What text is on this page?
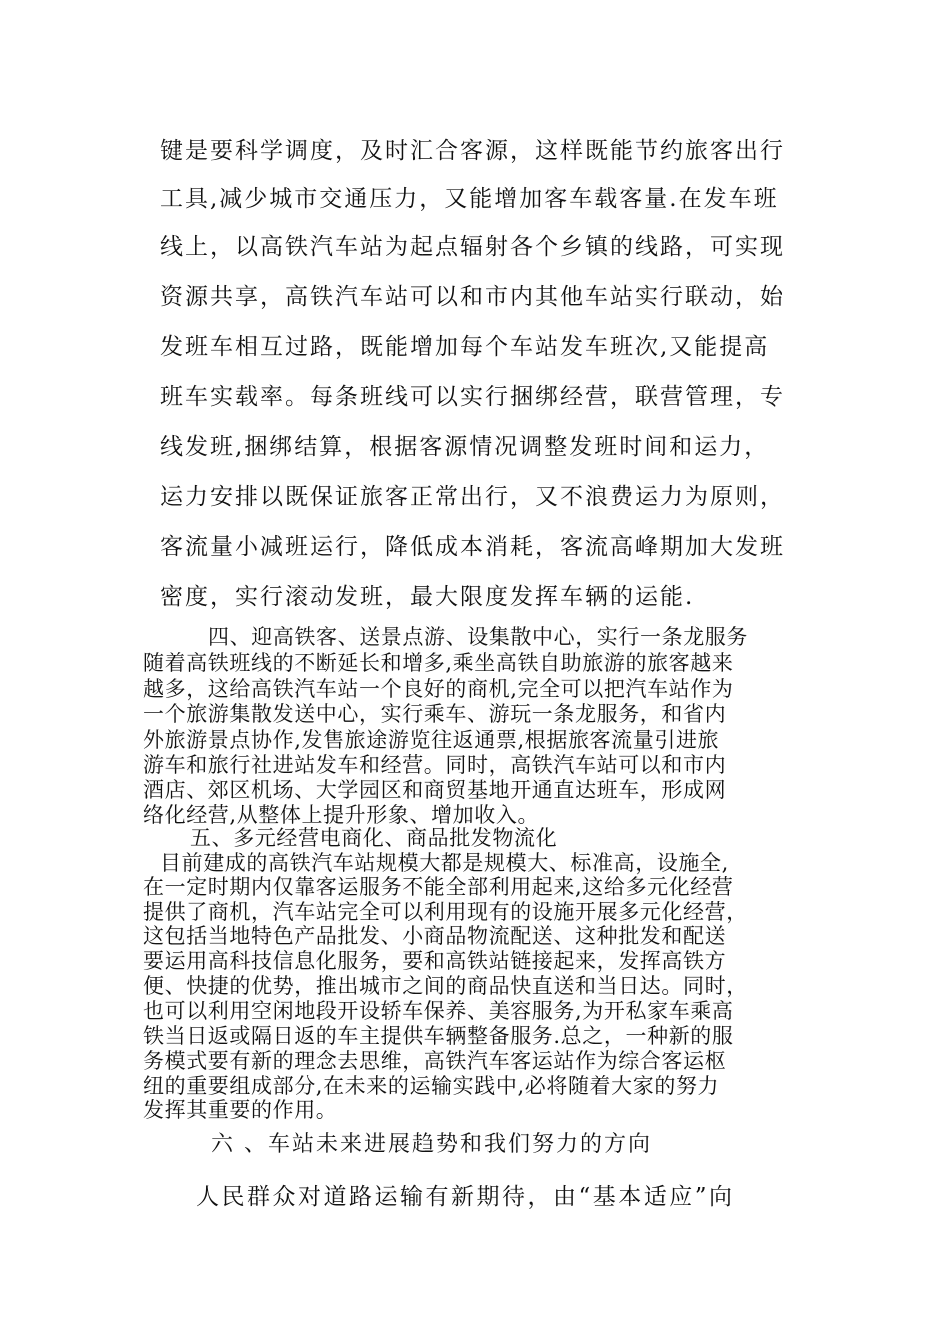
键是要科学调度，及时汇合客源，这样既能节约旅客出行

工具,减少城市交通压力，又能增加客车载客量.在发车班

线上，以高铁汽车站为起点辐射各个乡镇的线路，可实现

资源共享，高铁汽车站可以和市内其他车站实行联动，始

发班车相互过路，既能增加每个车站发车班次,又能提高

班车实载率。每条班线可以实行捆绑经营，联营管理，专

线发班,捆绑结算，根据客源情况调整发班时间和运力，

运力安排以既保证旅客正常出行，又不浪费运力为原则，

客流量小减班运行，降低成本消耗，客流高峰期加大发班

密度，实行滚动发班，最大限度发挥车辆的运能.

四、迎高铁客、送景点游、设集散中心，实行一条龙服务

随着高铁班线的不断延长和增多,乘坐高铁自助旅游的旅客越来

越多，这给高铁汽车站一个良好的商机,完全可以把汽车站作为

一个旅游集散发送中心，实行乘车、游玩一条龙服务，和省内

外旅游景点协作,发售旅途游览往返通票,根据旅客流量引进旅

游车和旅行社进站发车和经营。同时，高铁汽车站可以和市内

酒店、郊区机场、大学园区和商贸基地开通直达班车，形成网

络化经营,从整体上提升形象、增加收入。

五、多元经营电商化、商品批发物流化

目前建成的高铁汽车站规模大都是规模大、标准高，设施全,

在一定时期内仅靠客运服务不能全部利用起来,这给多元化经营

提供了商机，汽车站完全可以利用现有的设施开展多元化经营，

这包括当地特色产品批发、小商品物流配送、这种批发和配送

要运用高科技信息化服务，要和高铁站链接起来，发挥高铁方

便、快捷的优势，推出城市之间的商品快直送和当日达。同时，

也可以利用空闲地段开设轿车保养、美容服务,为开私家车乘高

铁当日返或隔日返的车主提供车辆整备服务.总之，一种新的服

务模式要有新的理念去思维，高铁汽车客运站作为综合客运枢

纽的重要组成部分,在未来的运输实践中,必将随着大家的努力

发挥其重要的作用。

六 、车站未来进展趋势和我们努力的方向

人民群众对道路运输有新期待，由“基本适应”向
